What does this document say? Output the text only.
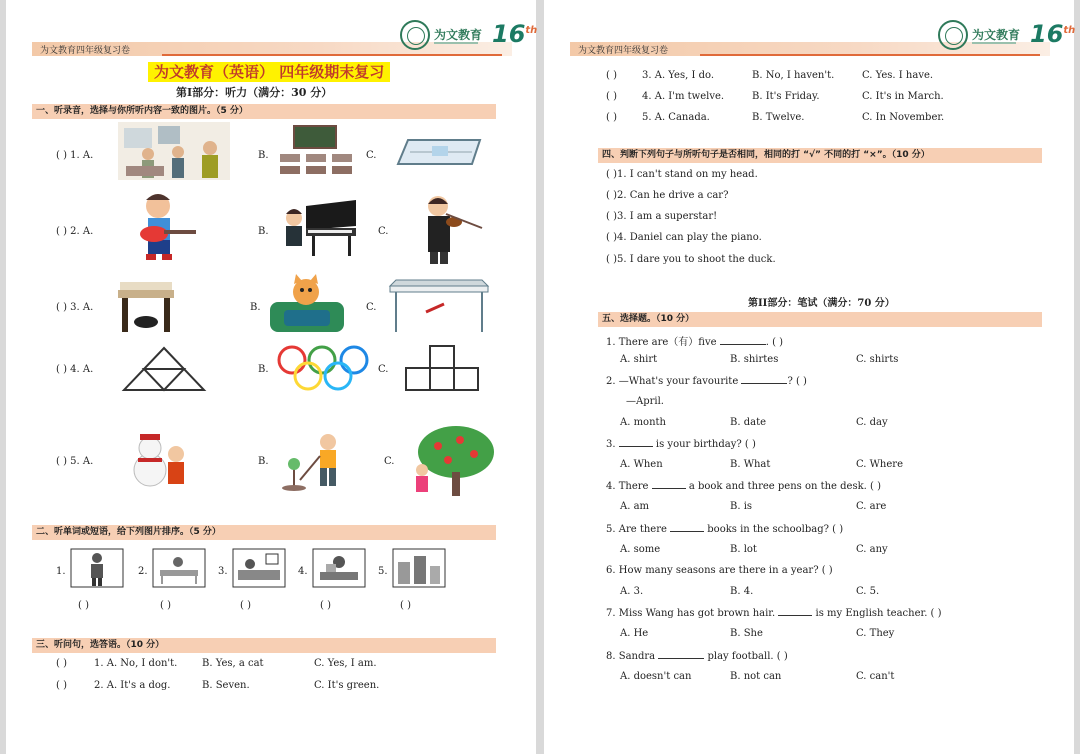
为文教育四年级复习卷
为文教育 16th
为文教育（英语） 四年级期末复习
第I部分：听力（满分：30 分）
一、听录音，选择与你所听内容一致的图片。（5 分）
( ) 1. A.	B.	C.
( ) 2. A.	B.	C.
( ) 3. A.	B.	C.
( ) 4. A.	B.	C.
( ) 5. A.	B.	C.
二、听单词或短语，给下列图片排序。（5 分）
1.	2.	3.	4.	5.
( )	( )	( )	( )	( )
三、听问句，选答语。（10 分）
( )	1. A. No, I don't. B. Yes, a cat	C. Yes, I am.
( )	2. A. It's a dog.	B. Seven.	C. It's green.
为文教育四年级复习卷
为文教育 16th
( )	3. A. Yes, I do.	B. No, I haven't.	C. Yes. I have.
( )	4. A. I'm twelve.	B. It's Friday.	C. It's in March.
( )	5. A. Canada.	B. Twelve.	C. In November.
四、判断下列句子与所听句子是否相同，相同的打 “√” 不同的打 “×”。（10 分）
( )1. I can't stand on my head.
( )2. Can he drive a car?
( )3. I am a superstar!
( )4. Daniel can play the piano.
( )5. I dare you to shoot the duck.
第II部分：笔试（满分：70 分）
五、选择题。（10 分）
1. There are（有）five	. ( )
A. shirt	B. shirtes	C. shirts
2. —What's your favourite	? ( )
—April.
A. month	B. date	C. day
3.	is your birthday? ( )
A. When	B. What	C. Where
4. There	a book and three pens on the desk. ( )
A. am	B. is	C. are
5. Are there	books in the schoolbag? ( )
A. some	B. lot	C. any
6. How many seasons are there in a year? ( )
A. 3.	B. 4.	C. 5.
7. Miss Wang has got brown hair.	is my English teacher. ( )
A. He	B. She	C. They
8. Sandra	play football. ( )
A. doesn't can	B. not can	C. can't
